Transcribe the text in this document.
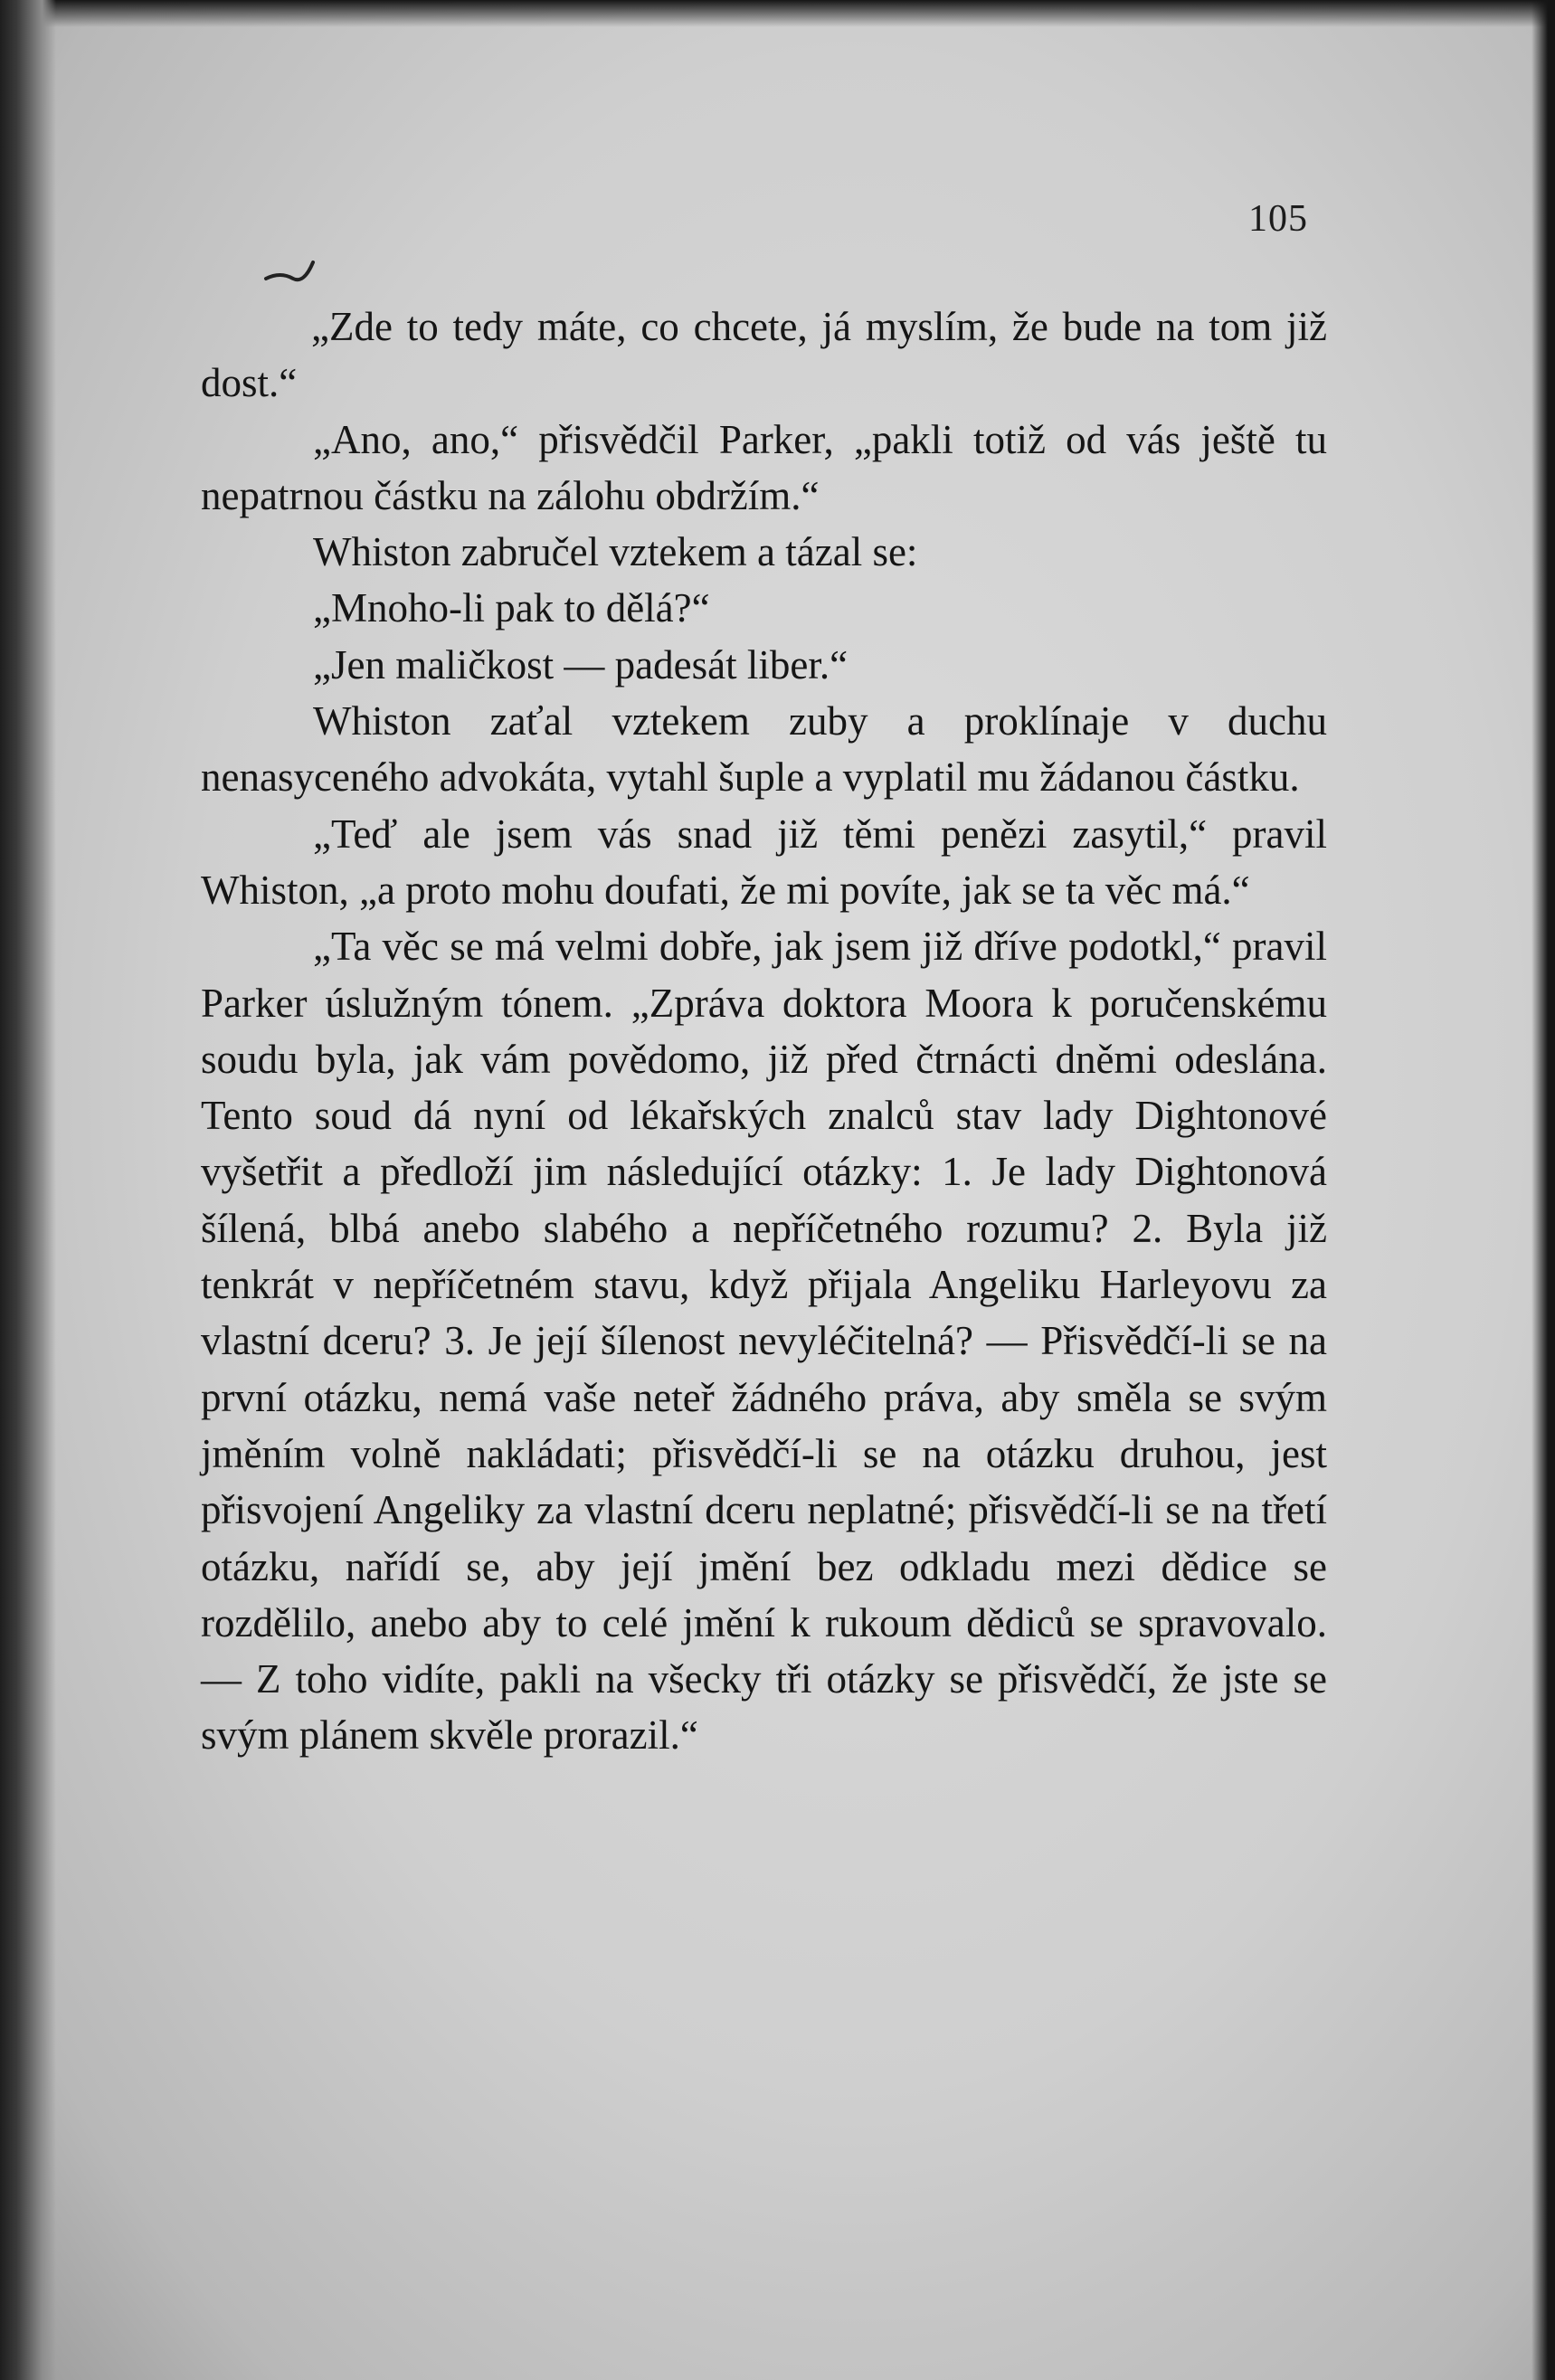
105

„Zde to tedy máte, co chcete, já myslím, že bude na tom již dost.“

„Ano, ano,“ přisvědčil Parker, „pakli totiž od vás ještě tu nepatrnou částku na zálohu obdržím.“

Whiston zabručel vztekem a tázal se:

„Mnoho-li pak to dělá?“

„Jen maličkost — padesát liber.“

Whiston zaťal vztekem zuby a proklínaje v duchu nenasyceného advokáta, vytahl šuple a vyplatil mu žádanou částku.

„Teď ale jsem vás snad již těmi penězi zasytil,“ pravil Whiston, „a proto mohu doufati, že mi povíte, jak se ta věc má.“

„Ta věc se má velmi dobře, jak jsem již dříve podotkl,“ pravil Parker úslužným tónem. „Zpráva doktora Moora k poručenskému soudu byla, jak vám povědomo, již před čtrnácti dněmi odeslána. Tento soud dá nyní od lékařských znalců stav lady Dightonové vyšetřit a předloží jim následující otázky: 1. Je lady Dightonová šílená, blbá anebo slabého a nepříčetného rozumu? 2. Byla již tenkrát v nepříčetném stavu, když přijala Angeliku Harleyovu za vlastní dceru? 3. Je její šílenost nevyléčitelná? — Přisvědčí-li se na první otázku, nemá vaše neteř žádného práva, aby směla se svým jměním volně nakládati; přisvědčí-li se na otázku druhou, jest přisvojení Angeliky za vlastní dceru neplatné; přisvědčí-li se na třetí otázku, nařídí se, aby její jmění bez odkladu mezi dědice se rozdělilo, anebo aby to celé jmění k rukoum dědiců se spravovalo. — Z toho vidíte, pakli na všecky tři otázky se přisvědčí, že jste se svým plánem skvěle prorazil.“
